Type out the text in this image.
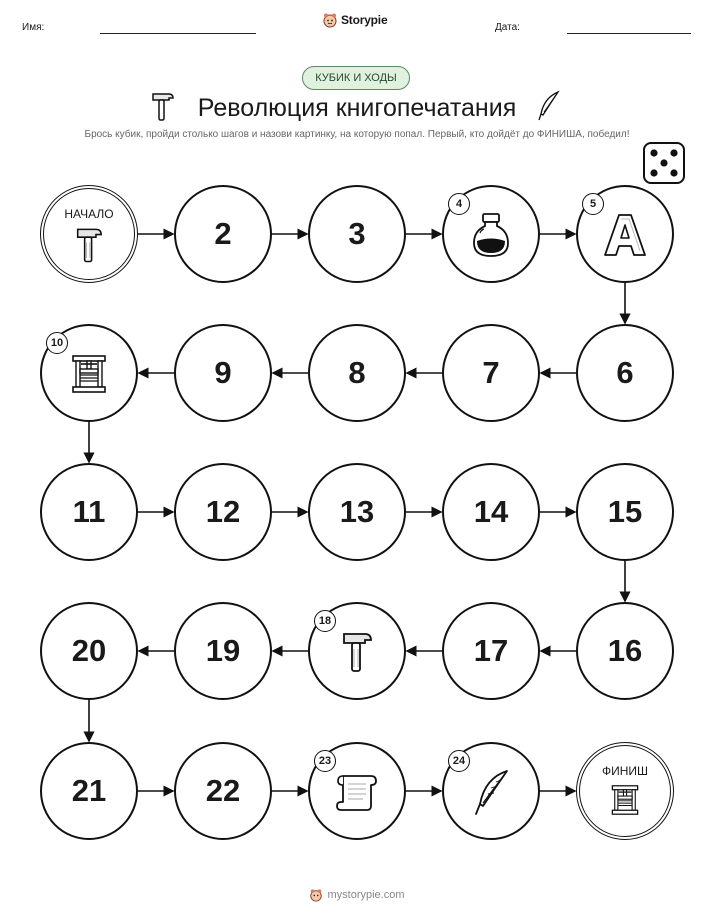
Имя:
Storypie
Дата:
КУБИК И ХОДЫ
Революция книгопечатания
Брось кубик, пройди столько шагов и назови картинку, на которую попал. Первый, кто дойдёт до ФИНИША, победил!
НАЧАЛО
2	3
4	5
6
7
8
9
10
11	12	13	14	15
16
17
18
19
20
21	22
23	24
ФИНИШ
mystorypie.com
